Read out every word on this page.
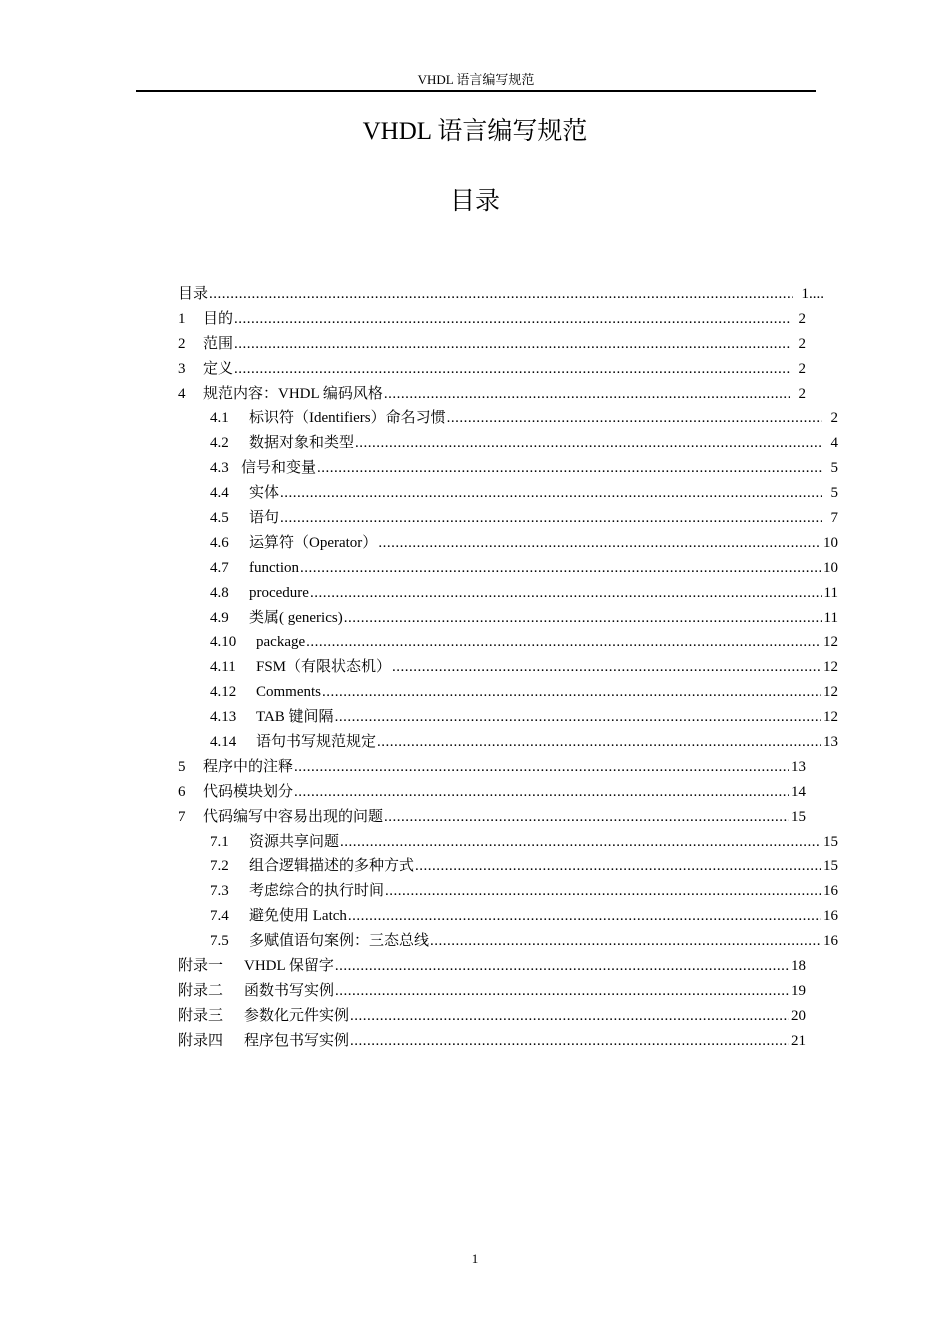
VHDL 语言编写规范
VHDL 语言编写规范
目录
目录 .....	1 ....
1	目的 .....	2
2	范围 .....	2
3	定义 .....	2
4	规范内容：VHDL 编码风格 .....	2
4.1	标识符（Identifiers）命名习惯 .....	2
4.2	数据对象和类型 .....	4
4.3 信号和变量 .....	5
4.4	实体 .....	5
4.5	语句 .....	7
4.6	运算符（Operator） .....	10
4.7	function .....	10
4.8	procedure .....	11
4.9	类属( generics) .....	11
4.10	package .....	12
4.11	FSM（有限状态机） .....	12
4.12	Comments .....	12
4.13	TAB 键间隔 .....	12
4.14	语句书写规范规定 .....	13
5	程序中的注释 .....	13
6	代码模块划分 .....	14
7	代码编写中容易出现的问题 .....	15
7.1	资源共享问题 .....	15
7.2	组合逻辑描述的多种方式 .....	15
7.3	考虑综合的执行时间 .....	16
7.4	避免使用 Latch .....	16
7.5	多赋值语句案例：三态总线 .....	16
附录一	VHDL 保留字 .....	18
附录二	函数书写实例 .....	19
附录三	参数化元件实例 .....	20
附录四	程序包书写实例 .....	21
1
